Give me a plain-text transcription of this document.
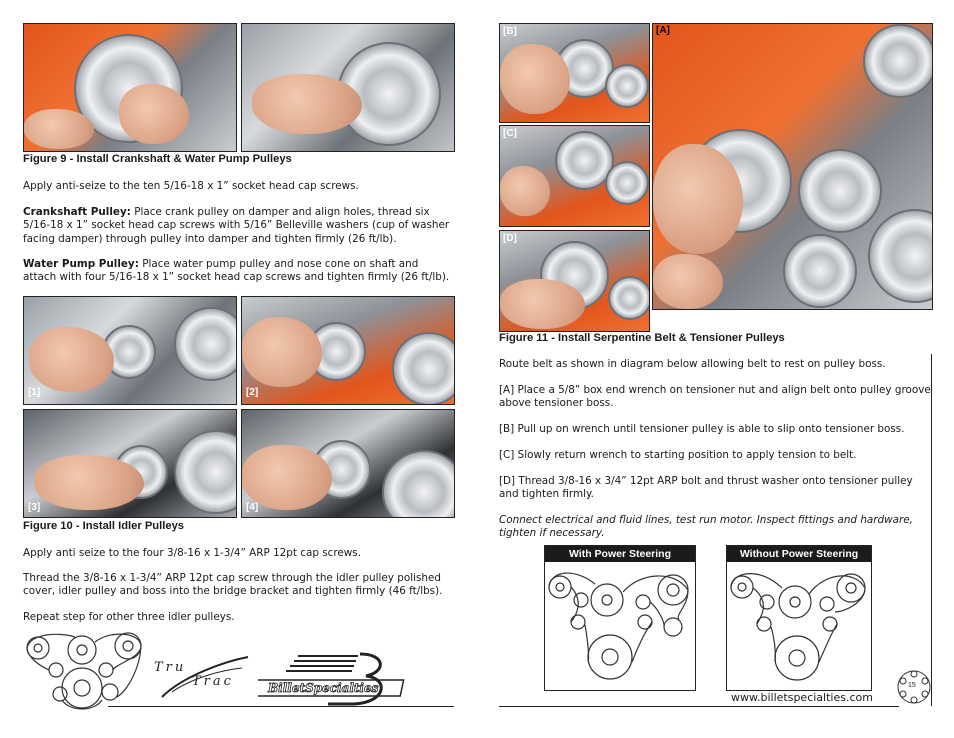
Figure 9 - Install Crankshaft & Water Pump Pulleys

Apply anti-seize to the ten 5/16-18 x 1” socket head cap screws.

Crankshaft Pulley: Place crank pulley on damper and align holes, thread six 5/16-18 x 1” socket head cap screws with 5/16” Belleville washers (cup of washer facing damper) through pulley into damper and tighten firmly (26 ft/lb).

Water Pump Pulley: Place water pump pulley and nose cone on shaft and attach with four 5/16-18 x 1” socket head cap screws and tighten firmly (26 ft/lb).

[1]	[2]
[3]	[4]
Figure 10 - Install Idler Pulleys

Apply anti seize to the four 3/8-16 x 1-3/4” ARP 12pt cap screws.

Thread the 3/8-16 x 1-3/4” ARP 12pt cap screw through the idler pulley polished cover, idler pulley and boss into the bridge bracket and tighten firmly (46 ft/lbs).

Repeat step for other three idler pulleys.

Tru
Trac	BilletSpecialties
[B]
[C]
[D]
[A]
Figure 11 - Install Serpentine Belt & Tensioner Pulleys

Route belt as shown in diagram below allowing belt to rest on pulley boss.

[A] Place a 5/8” box end wrench on tensioner nut and align belt onto pulley groove above tensioner boss.

[B] Pull up on wrench until tensioner pulley is able to slip onto tensioner boss.

[C] Slowly return wrench to starting position to apply tension to belt.

[D] Thread 3/8-16 x 3/4” 12pt ARP bolt and thrust washer onto tensioner pulley and tighten firmly.

Connect electrical and fluid lines, test run motor. Inspect fittings and hardware, tighten if necessary.

With Power Steering	Without Power Steering
www.billetspecialties.com
15
